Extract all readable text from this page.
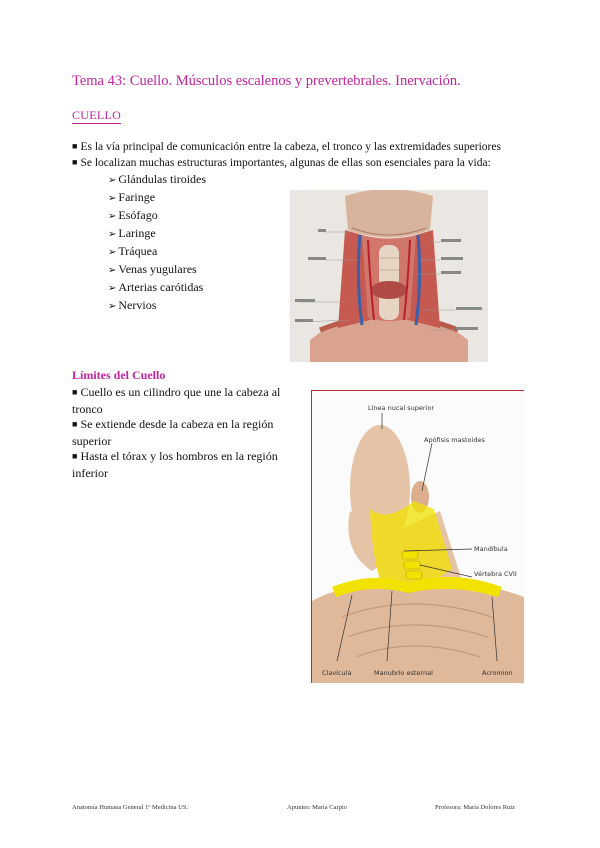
Tema 43: Cuello. Músculos escalenos y prevertebrales. Inervación.
CUELLO
■ Es la vía principal de comunicación entre la cabeza, el tronco y las extremidades superiores
■ Se localizan muchas estructuras importantes, algunas de ellas son esenciales para la vida:
➢ Glándulas tiroides
➢ Faringe
➢ Esófago
➢ Laringe
➢ Tráquea
➢ Venas yugulares
➢ Arterias carótidas
➢ Nervios
Límites del Cuello
■ Cuello es un cilindro que une la cabeza al tronco
■ Se extiende desde la cabeza en la región superior
■ Hasta el tórax y los hombros en la región inferior
Línea nucal superior
Apófisis mastoides
Mandíbula
Vértebra CVII
Clavícula	Manubrio esternal	Acromion
Anatomía Humana General 1º Medicina US.	Apuntes: María Carpio	Profesora: María Dolores Ruiz
